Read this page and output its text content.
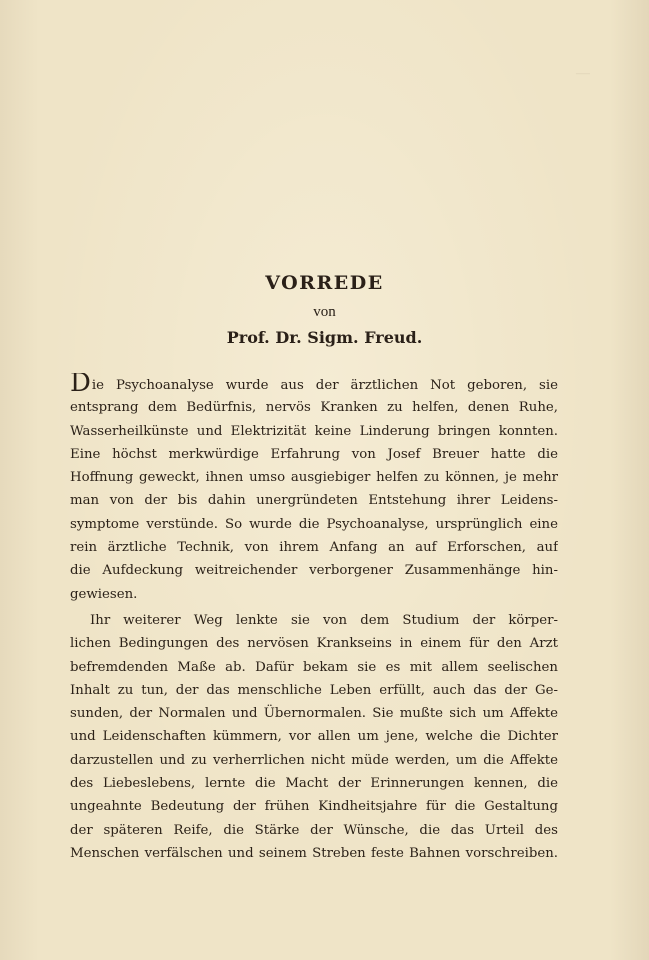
—
VORREDE
von
Prof. Dr. Sigm. Freud.
Die Psychoanalyse wurde aus der ärztlichen Not geboren, sie
entsprang dem Bedürfnis, nervös Kranken zu helfen, denen Ruhe,
Wasserheilkünste und Elektrizität keine Linderung bringen konnten.
Eine höchst merkwürdige Erfahrung von Josef Breuer hatte die
Hoffnung geweckt, ihnen umso ausgiebiger helfen zu können, je mehr
man von der bis dahin unergründeten Entstehung ihrer Leidens-
symptome verstünde. So wurde die Psychoanalyse, ursprünglich eine
rein ärztliche Technik, von ihrem Anfang an auf Erforschen, auf
die Aufdeckung weitreichender verborgener Zusammenhänge hin-
gewiesen.
Ihr weiterer Weg lenkte sie von dem Studium der körper-
lichen Bedingungen des nervösen Krankseins in einem für den Arzt
befremdenden Maße ab. Dafür bekam sie es mit allem seelischen
Inhalt zu tun, der das menschliche Leben erfüllt, auch das der Ge-
sunden, der Normalen und Übernormalen. Sie mußte sich um Affekte
und Leidenschaften kümmern, vor allen um jene, welche die Dichter
darzustellen und zu verherrlichen nicht müde werden, um die Affekte
des Liebeslebens, lernte die Macht der Erinnerungen kennen, die
ungeahnte Bedeutung der frühen Kindheitsjahre für die Gestaltung
der späteren Reife, die Stärke der Wünsche, die das Urteil des
Menschen verfälschen und seinem Streben feste Bahnen vorschreiben.
